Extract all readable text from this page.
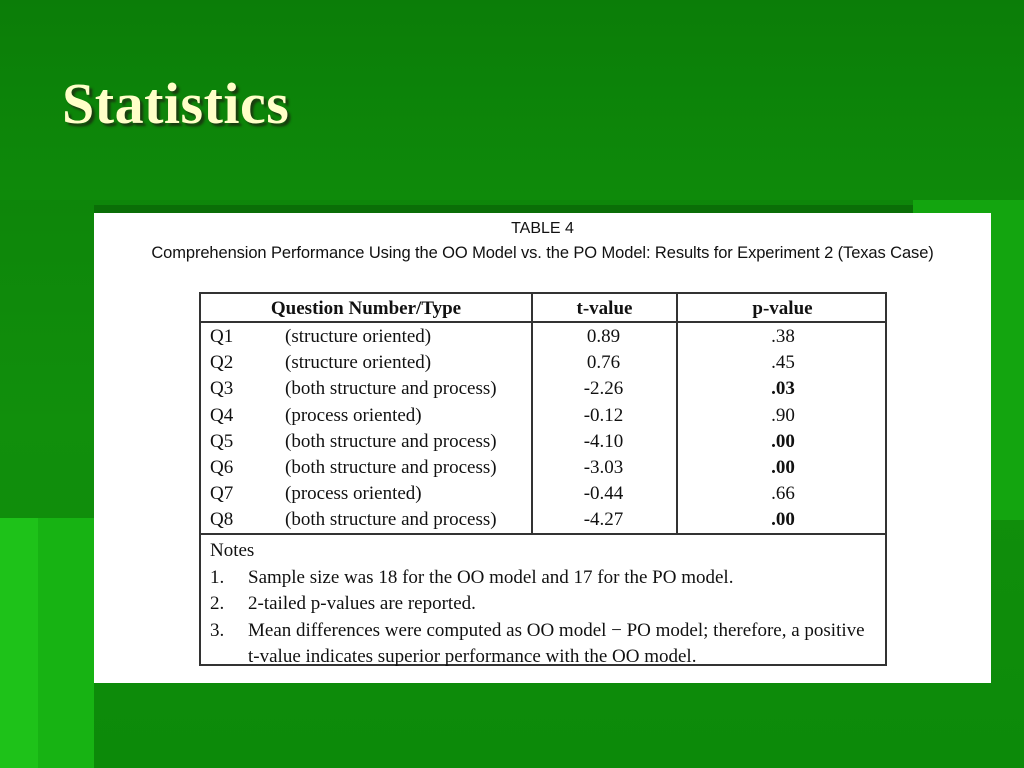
Statistics
TABLE 4
Comprehension Performance Using the OO Model vs. the PO Model: Results for Experiment 2 (Texas Case)
Question Number/Type	t-value	p-value
Q1	(structure oriented)	0.89	.38
Q2	(structure oriented)	0.76	.45
Q3	(both structure and process)	-2.26	.03
Q4	(process oriented)	-0.12	.90
Q5	(both structure and process)	-4.10	.00
Q6	(both structure and process)	-3.03	.00
Q7	(process oriented)	-0.44	.66
Q8	(both structure and process)	-4.27	.00
Notes
1. Sample size was 18 for the OO model and 17 for the PO model.
2. 2-tailed p-values are reported.
3. Mean differences were computed as OO model − PO model; therefore, a positive t-value indicates superior performance with the OO model.
